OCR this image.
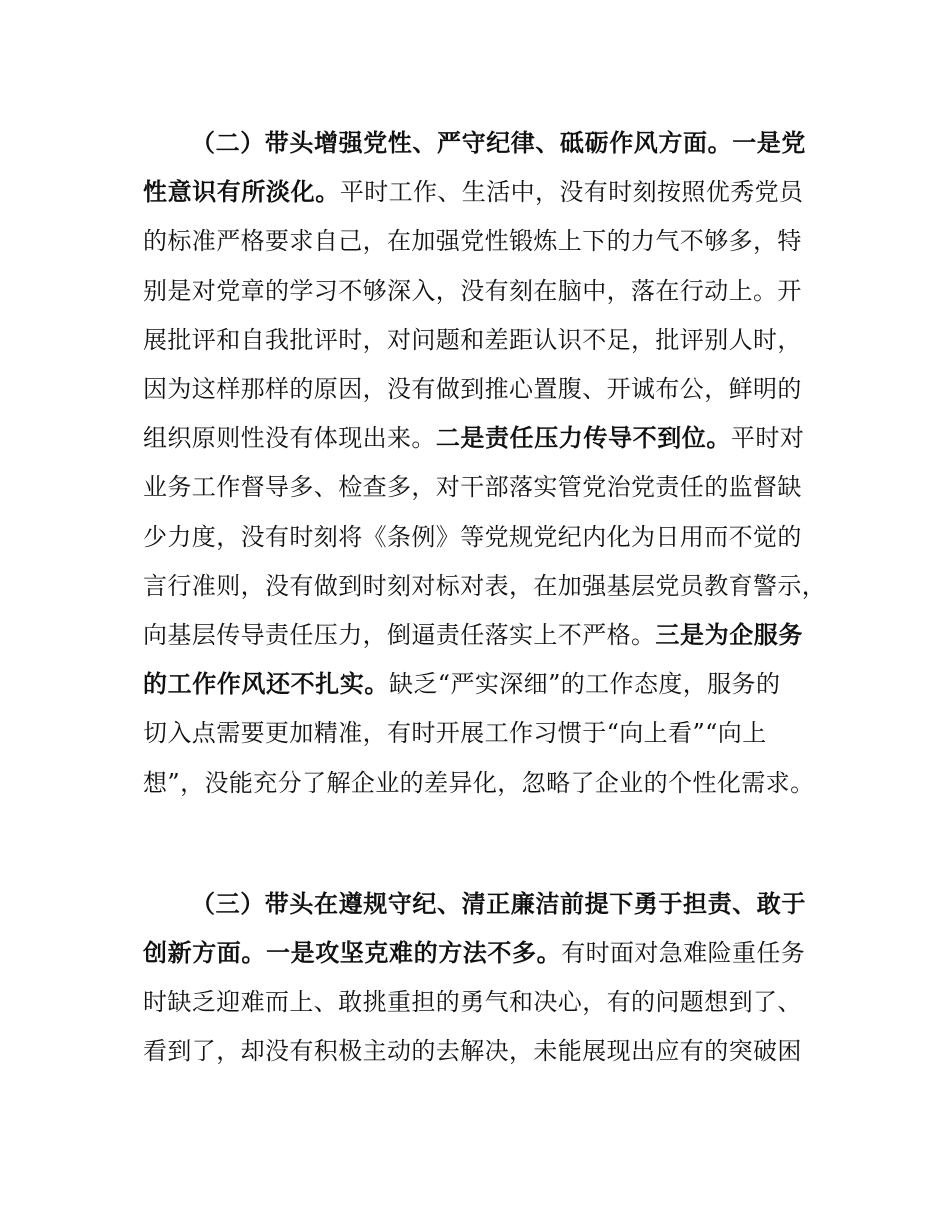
（二）带头增强党性、严守纪律、砥砺作风方面。一是党
性意识有所淡化。平时工作、生活中，没有时刻按照优秀党员
的标准严格要求自己，在加强党性锻炼上下的力气不够多，特
别是对党章的学习不够深入，没有刻在脑中，落在行动上。开
展批评和自我批评时，对问题和差距认识不足，批评别人时，
因为这样那样的原因，没有做到推心置腹、开诚布公，鲜明的
组织原则性没有体现出来。二是责任压力传导不到位。平时对
业务工作督导多、检查多，对干部落实管党治党责任的监督缺
少力度，没有时刻将《条例》等党规党纪内化为日用而不觉的
言行准则，没有做到时刻对标对表，在加强基层党员教育警示，
向基层传导责任压力，倒逼责任落实上不严格。三是为企服务
的工作作风还不扎实。缺乏“严实深细”的工作态度，服务的
切入点需要更加精准，有时开展工作习惯于“向上看”“向上
想”，没能充分了解企业的差异化，忽略了企业的个性化需求。
（三）带头在遵规守纪、清正廉洁前提下勇于担责、敢于
创新方面。一是攻坚克难的方法不多。有时面对急难险重任务
时缺乏迎难而上、敢挑重担的勇气和决心，有的问题想到了、
看到了，却没有积极主动的去解决，未能展现出应有的突破困
